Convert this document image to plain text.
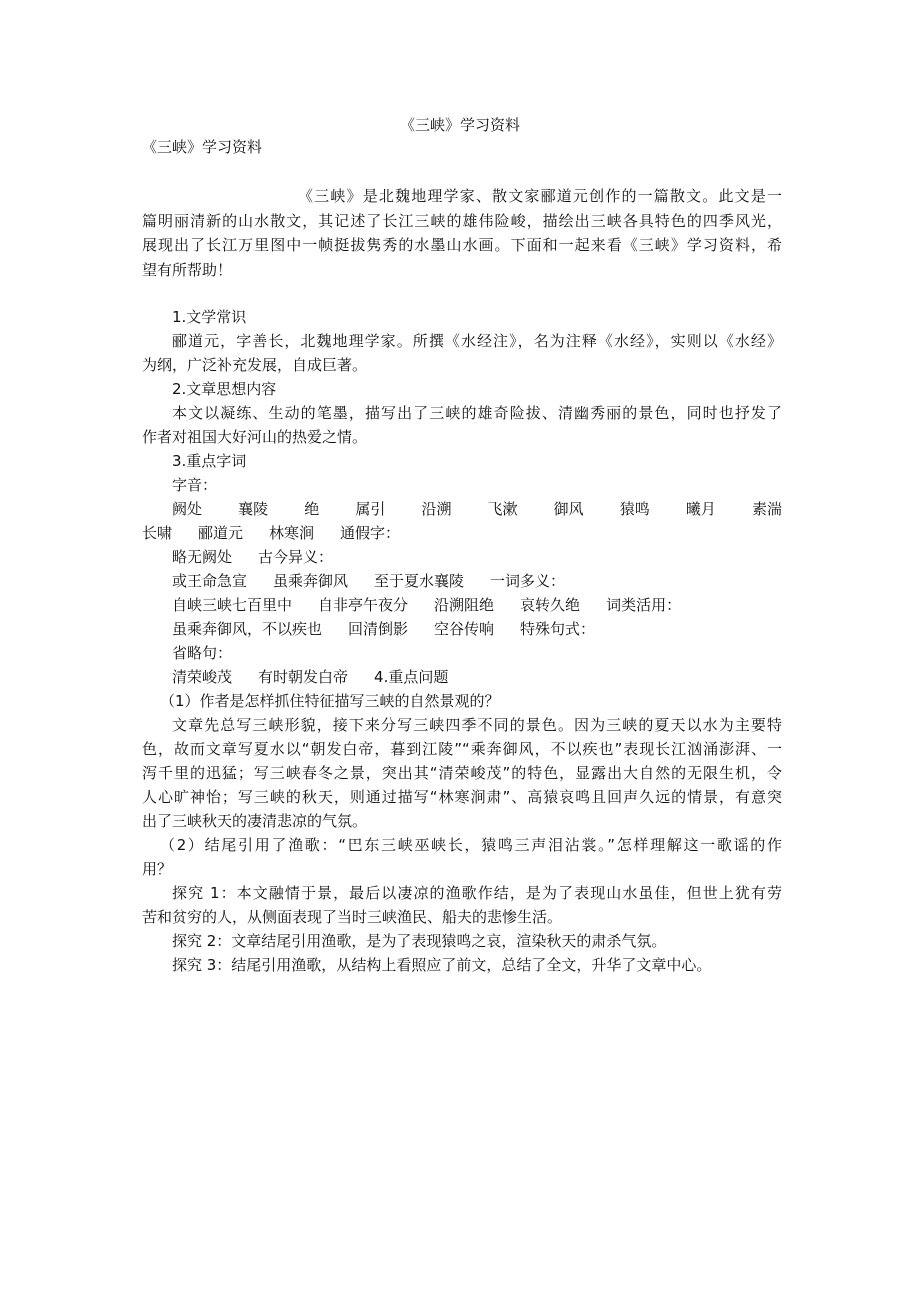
《三峡》学习资料
《三峡》学习资料
《三峡》是北魏地理学家、散文家郦道元创作的一篇散文。此文是一
篇明丽清新的山水散文，其记述了长江三峡的雄伟险峻，描绘出三峡各具特色的四季风光，
展现出了长江万里图中一帧挺拔隽秀的水墨山水画。下面和一起来看《三峡》学习资料，希
望有所帮助！
1.文学常识
郦道元，字善长，北魏地理学家。所撰《水经注》，名为注释《水经》，实则以《水经》
为纲，广泛补充发展，自成巨著。
2.文章思想内容
本文以凝练、生动的笔墨，描写出了三峡的雄奇险拔、清幽秀丽的景色，同时也抒发了
作者对祖国大好河山的热爱之情。
3.重点字词
字音：
阙处 襄陵 绝 属引 沿溯 飞漱 御风 猿鸣 曦月 素湍
长啸 郦道元 林寒涧 通假字：
略无阙处 古今异义：
或王命急宣 虽乘奔御风 至于夏水襄陵 一词多义：
自峡三峡七百里中 自非亭午夜分 沿溯阻绝 哀转久绝 词类活用：
虽乘奔御风，不以疾也 回清倒影 空谷传响 特殊句式：
省略句：
清荣峻茂 有时朝发白帝 4.重点问题
（1）作者是怎样抓住特征描写三峡的自然景观的？
文章先总写三峡形貌，接下来分写三峡四季不同的景色。因为三峡的夏天以水为主要特
色，故而文章写夏水以“朝发白帝，暮到江陵”“乘奔御风，不以疾也”表现长江汹涌澎湃、一
泻千里的迅猛；写三峡春冬之景，突出其“清荣峻茂”的特色，显露出大自然的无限生机，令
人心旷神怡；写三峡的秋天，则通过描写“林寒涧肃”、高猿哀鸣且回声久远的情景，有意突
出了三峡秋天的凄清悲凉的气氛。
（2）结尾引用了渔歌：“巴东三峡巫峡长，猿鸣三声泪沾裳。”怎样理解这一歌谣的作
用？
探究 1：本文融情于景，最后以凄凉的渔歌作结，是为了表现山水虽佳，但世上犹有劳
苦和贫穷的人，从侧面表现了当时三峡渔民、船夫的悲惨生活。
探究 2：文章结尾引用渔歌，是为了表现猿鸣之哀，渲染秋天的肃杀气氛。
探究 3：结尾引用渔歌，从结构上看照应了前文，总结了全文，升华了文章中心。
